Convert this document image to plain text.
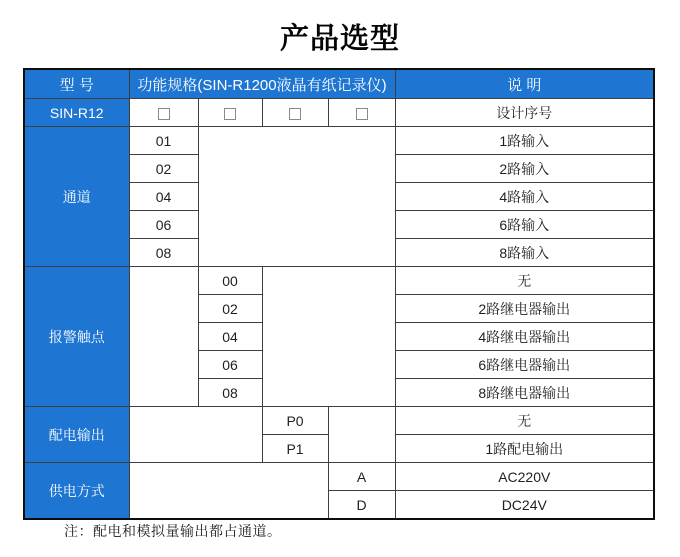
产品选型
型 号	功能规格(SIN-R1200液晶有纸记录仪)				说 明
SIN-R12					设计序号
通道	01				1路输入
	02				2路输入
	04				4路输入
	06				6路输入
	08				8路输入
报警触点		00			无
		02			2路继电器输出
		04			4路继电器输出
		06			6路继电器输出
		08			8路继电器输出
配电输出			P0		无
			P1		1路配电输出
供电方式				A	AC220V
				D	DC24V
注：配电和模拟量输出都占通道。
